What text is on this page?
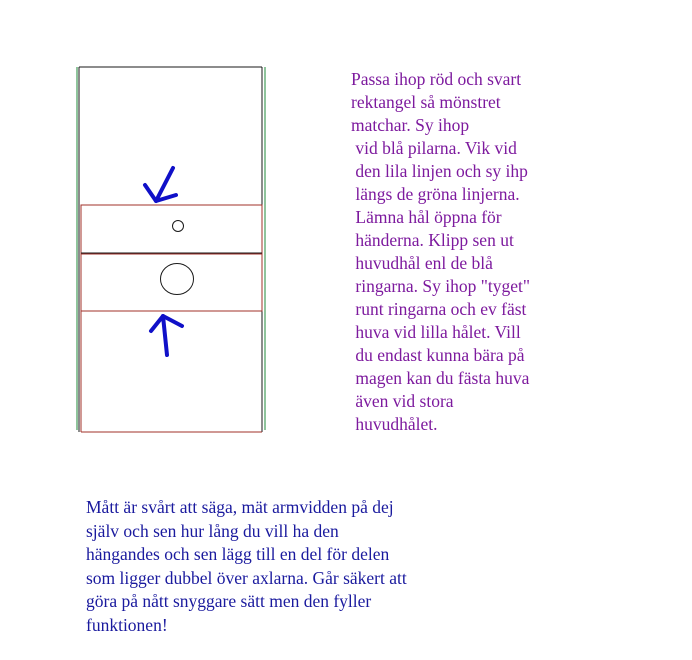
Passa ihop röd och svart
rektangel så mönstret
matchar. Sy ihop
vid blå pilarna. Vik vid
den lila linjen och sy ihp
längs de gröna linjerna.
Lämna hål öppna för
händerna. Klipp sen ut
huvudhål enl de blå
ringarna. Sy ihop "tyget"
runt ringarna och ev fäst
huva vid lilla hålet. Vill
du endast kunna bära på
magen kan du fästa huva
även vid stora
huvudhålet.
Mått är svårt att säga, mät armvidden på dej
själv och sen hur lång du vill ha den
hängandes och sen lägg till en del för delen
som ligger dubbel över axlarna. Går säkert att
göra på nått snyggare sätt men den fyller
funktionen!
